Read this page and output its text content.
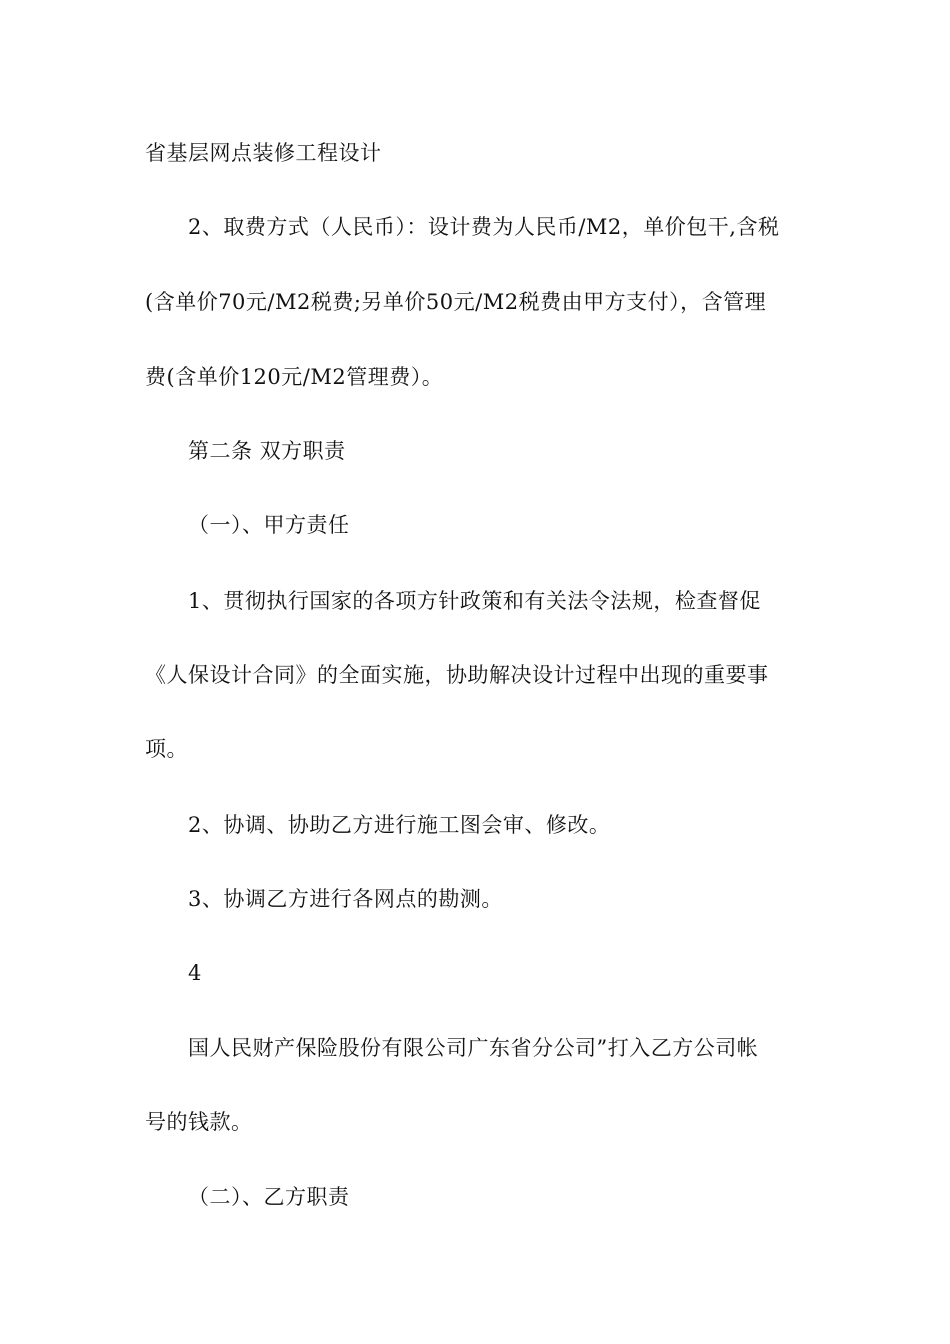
省基层网点装修工程设计
2、取费方式（人民币）：设计费为人民币/M2，单价包干,含税
(含单价70元/M2税费;另单价50元/M2税费由甲方支付），含管理
费(含单价120元/M2管理费）。
第二条 双方职责
（一）、甲方责任
1、贯彻执行国家的各项方针政策和有关法令法规，检查督促
《人保设计合同》的全面实施，协助解决设计过程中出现的重要事
项。
2、协调、协助乙方进行施工图会审、修改。
3、协调乙方进行各网点的勘测。
4
国人民财产保险股份有限公司广东省分公司”打入乙方公司帐
号的钱款。
（二）、乙方职责
